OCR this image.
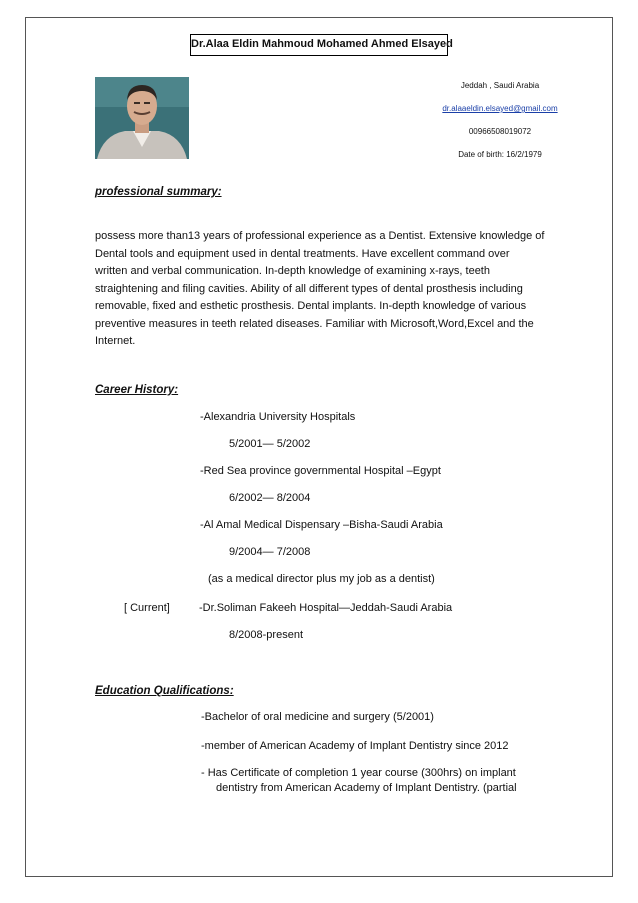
Dr.Alaa Eldin Mahmoud Mohamed Ahmed Elsayed
Jeddah , Saudi Arabia
dr.alaaeldin.elsayed@gmail.com
00966508019072
Date of birth: 16/2/1979
professional summary:
possess more than13 years of professional experience as a Dentist. Extensive knowledge of Dental tools and equipment used in dental treatments. Have excellent command over written and verbal communication. In-depth knowledge of examining x-rays, teeth straightening and filing cavities. Ability of all different types of dental prosthesis including removable, fixed and esthetic prosthesis. Dental implants. In-depth knowledge of various preventive measures in teeth related diseases. Familiar with Microsoft,Word,Excel and the Internet.
Career History:
-Alexandria University Hospitals
5/2001— 5/2002
-Red Sea province governmental Hospital –Egypt
6/2002— 8/2004
-Al Amal Medical Dispensary –Bisha-Saudi Arabia
9/2004— 7/2008
(as a medical director plus my job as a dentist)
[ Current]	-Dr.Soliman Fakeeh Hospital—Jeddah-Saudi Arabia
8/2008-present
Education Qualifications:
-Bachelor of oral medicine and surgery (5/2001)
-member of American Academy of Implant Dentistry since 2012
- Has Certificate of completion 1 year course (300hrs) on implant
dentistry from American Academy of Implant Dentistry. (partial
